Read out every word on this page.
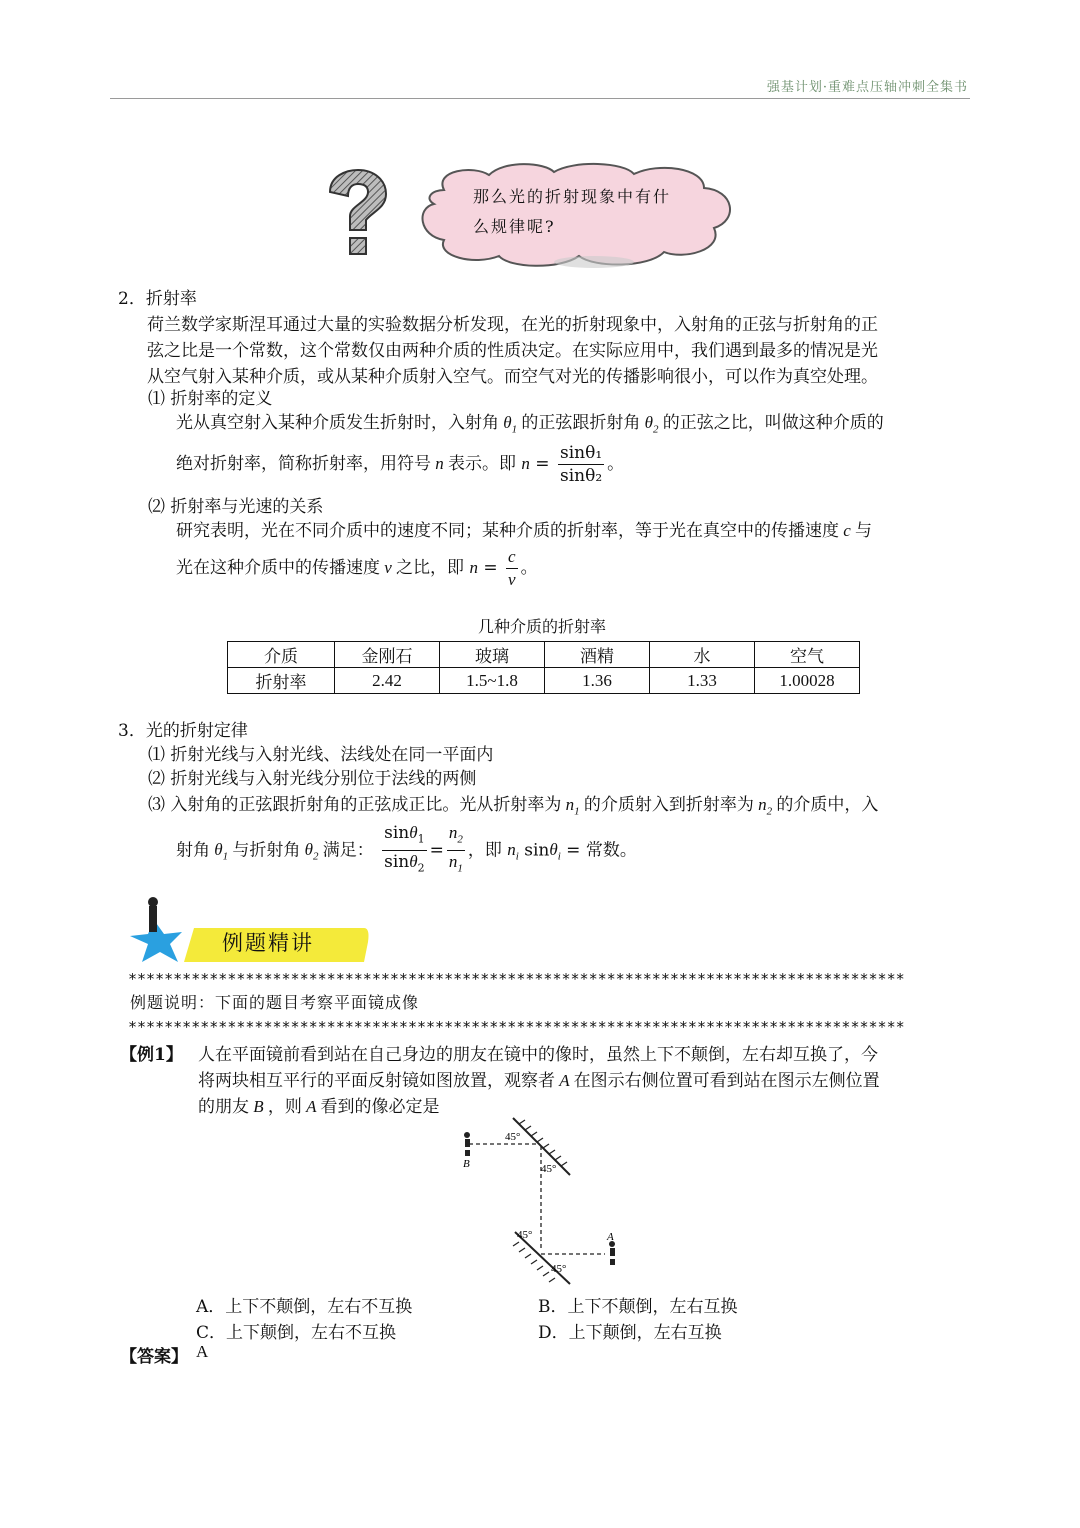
强基计划·重难点压轴冲刺全集书
那么光的折射现象中有什
么规律呢?
2．折射率
荷兰数学家斯涅耳通过大量的实验数据分析发现，在光的折射现象中，入射角的正弦与折射角的正
弦之比是一个常数，这个常数仅由两种介质的性质决定。在实际应用中，我们遇到最多的情况是光
从空气射入某种介质，或从某种介质射入空气。而空气对光的传播影响很小，可以作为真空处理。
⑴ 折射率的定义
光从真空射入某种介质发生折射时，入射角 $\theta_1$ 的正弦跟折射角 $\theta_2$ 的正弦之比，叫做这种介质的
绝对折射率，简称折射率，用符号 n 表示。即 $n = \frac{\text{sinθ₁}}{\text{sinθ₂}}$ 。
⑵ 折射率与光速的关系
研究表明，光在不同介质中的速度不同；某种介质的折射率，等于光在真空中的传播速度 c 与
光在这种介质中的传播速度 v 之比，即 $n = \frac{c}{v}$ 。
几种介质的折射率
介质	金刚石	玻璃	酒精	水	空气
折射率	2.42	1.5~1.8	1.36	1.33	1.00028
3．光的折射定律
⑴ 折射光线与入射光线、法线处在同一平面内
⑵ 折射光线与入射光线分别位于法线的两侧
⑶ 入射角的正弦跟折射角的正弦成正比。光从折射率为 $n_1$ 的介质射入到折射率为 $n_2$ 的介质中，入
射角 $\theta_1$ 与折射角 $\theta_2$ 满足： $\frac{\sin\theta_1}{\sin\theta_2} = \frac{n_2}{n_1}$ ，即 $n_i$ sinθ$_i$ = 常数。
例题精讲
**************************************************************************************
例题说明：下面的题目考察平面镜成像
**************************************************************************************
【例1】 人在平面镜前看到站在自己身边的朋友在镜中的像时，虽然上下不颠倒，左右却互换了，今
将两块相互平行的平面反射镜如图放置，观察者 A 在图示右侧位置可看到站在图示左侧位置
的朋友 B ，则 A 看到的像必定是
B
A
45°
45°
45°
45°
A．上下不颠倒，左右不互换	B．上下不颠倒，左右互换
C．上下颠倒，左右不互换	D．上下颠倒，左右互换
【答案】 A
